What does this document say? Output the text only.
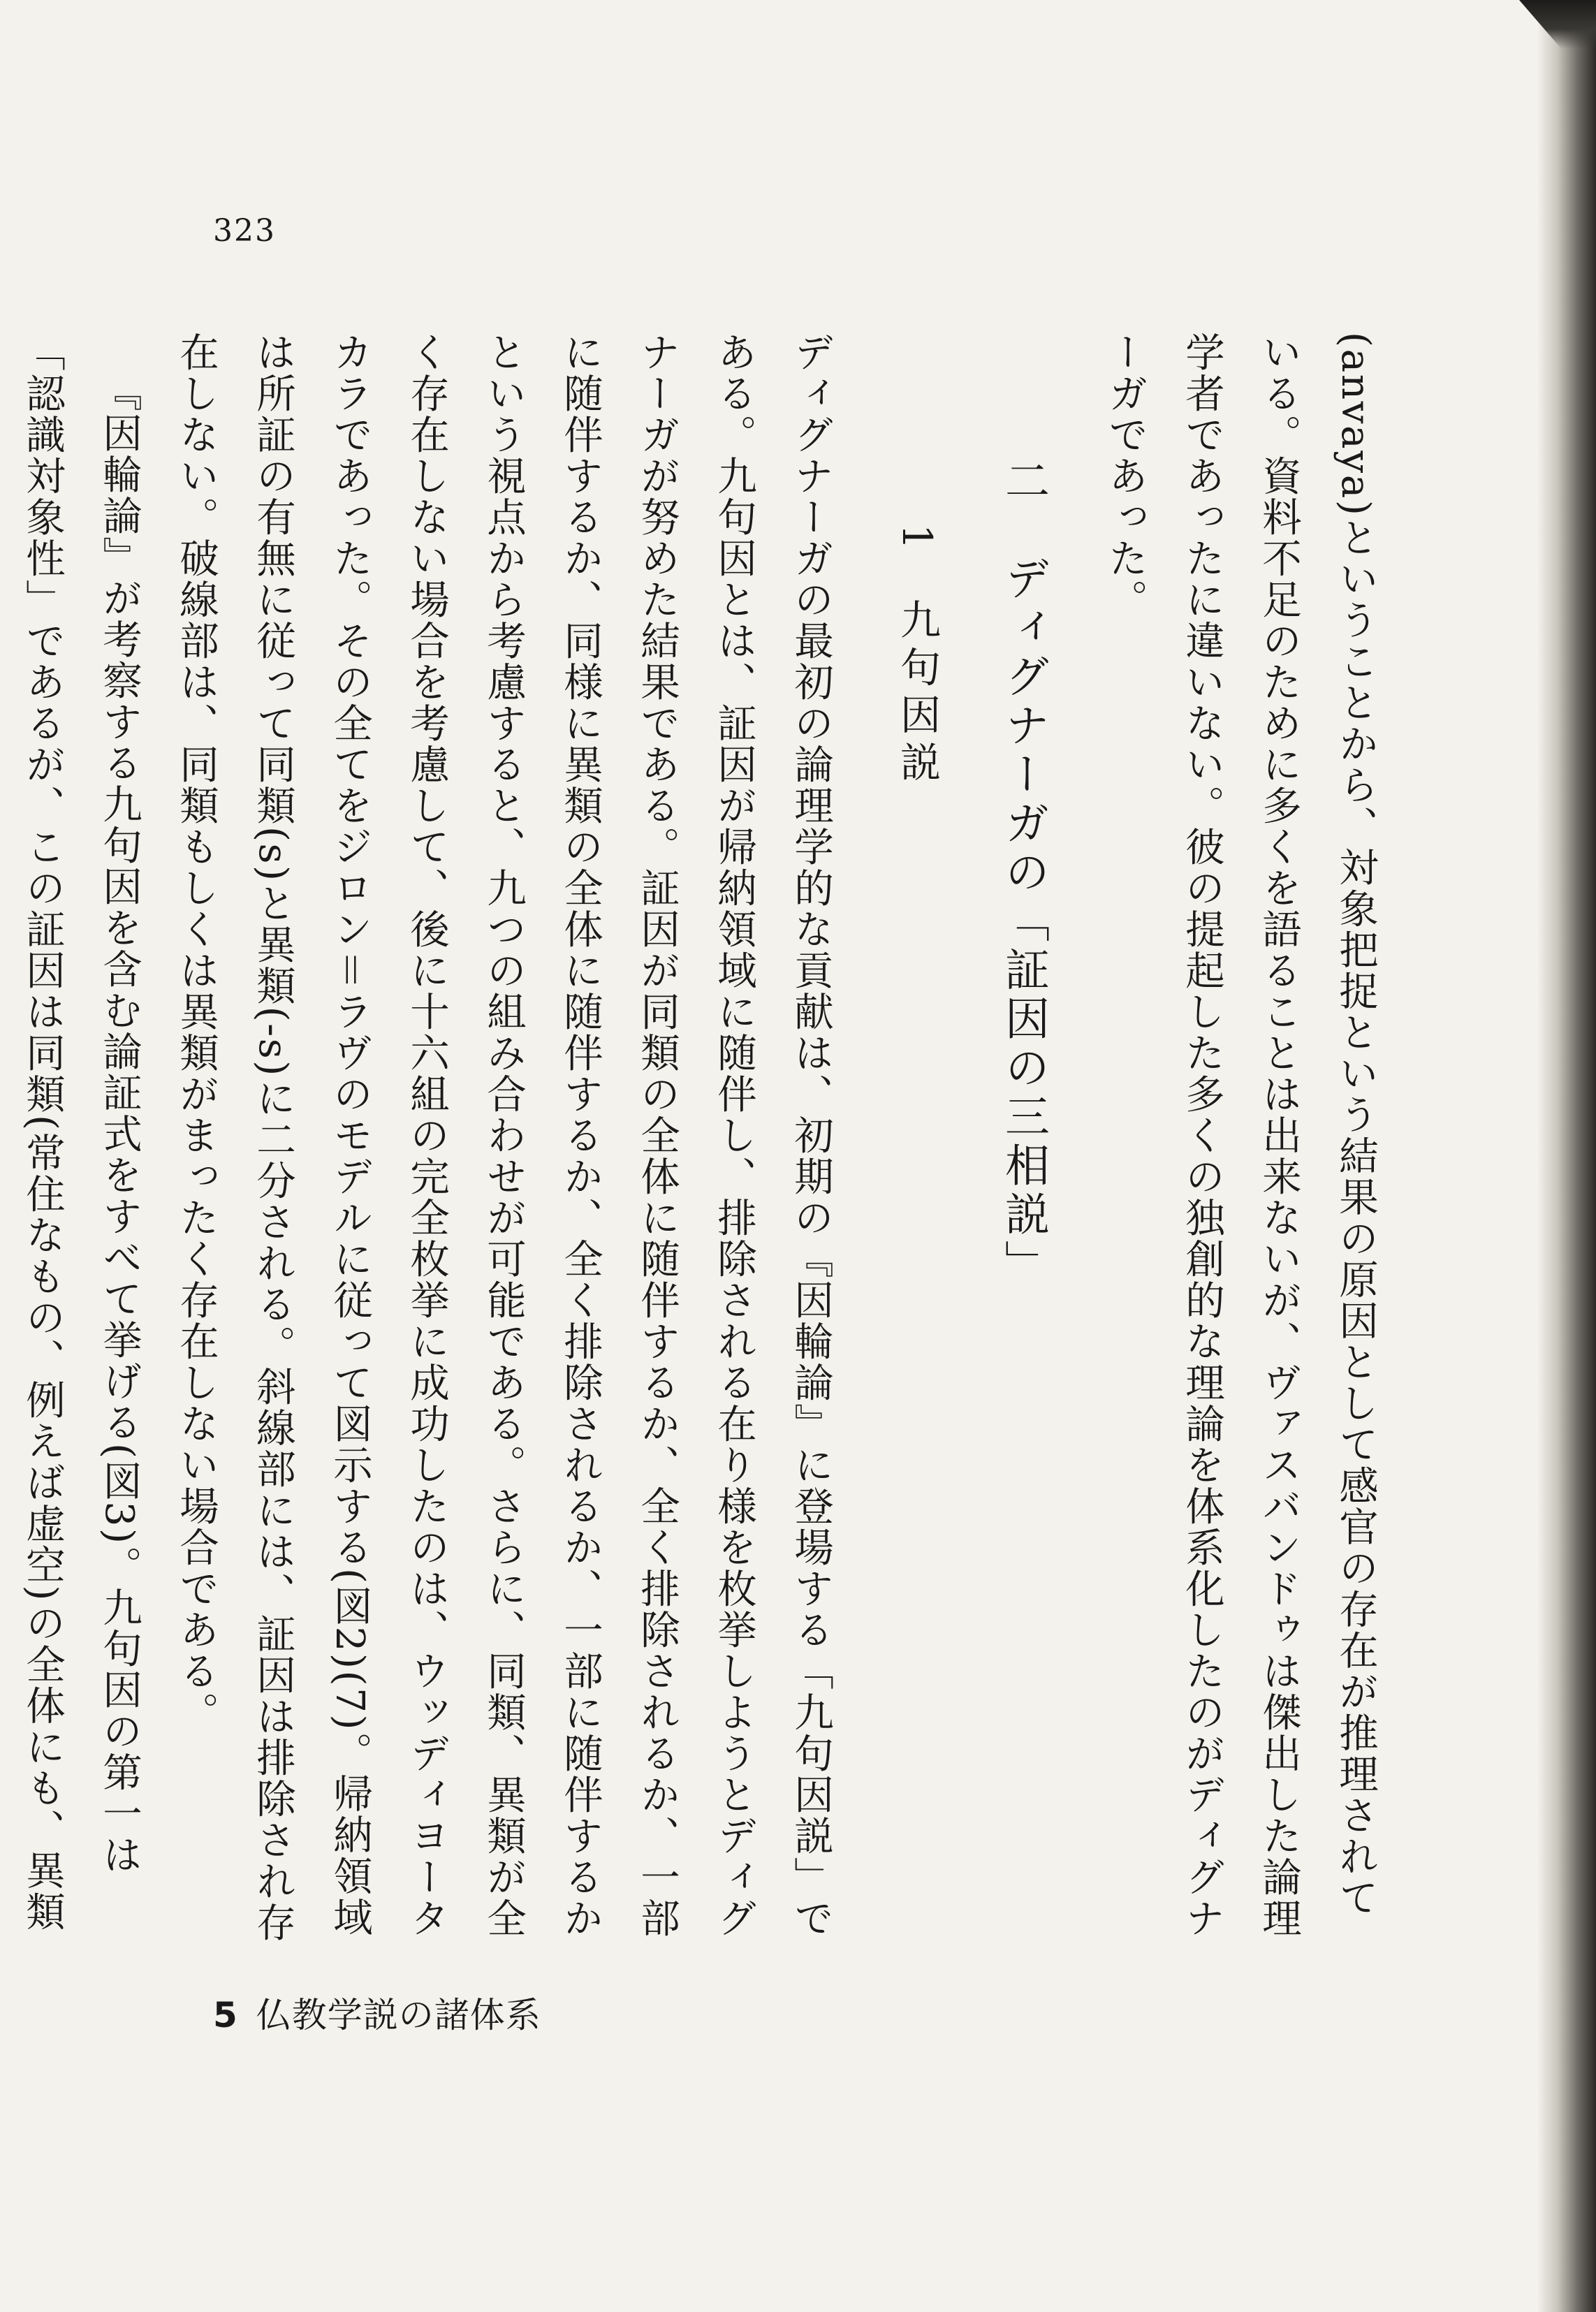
323

(anvaya)ということから、対象把捉という結果の原因として感官の存在が推理されている。資料不足のために多くを語ることは出来ないが、ヴァスバンドゥは傑出した論理学者であったに違いない。彼の提起した多くの独創的な理論を体系化したのがディグナーガであった。

二　ディグナーガの「証因の三相説」

1九句因説

ディグナーガの最初の論理学的な貢献は、初期の『因輪論』に登場する「九句因説」である。九句因とは、証因が帰納領域に随伴し、排除される在り様を枚挙しようとディグナーガが努めた結果である。証因が同類の全体に随伴するか、全く排除されるか、一部に随伴するか、同様に異類の全体に随伴するか、全く排除されるか、一部に随伴するかという視点から考慮すると、九つの組み合わせが可能である。さらに、同類、異類が全く存在しない場合を考慮して、後に十六組の完全枚挙に成功したのは、ウッディヨータカラであった。その全てをジロン＝ラヴのモデルに従って図示する(図2)(7)。帰納領域は所証の有無に従って同類(s)と異類(-s)に二分される。斜線部には、証因は排除され存在しない。破線部は、同類もしくは異類がまったく存在しない場合である。

『因輪論』が考察する九句因を含む論証式をすべて挙げる(図3)。九句因の第一は「認識対象性」であるが、この証因は同類(常住なもの、例えば虚空)の全体にも、異類

5 仏教学説の諸体系
